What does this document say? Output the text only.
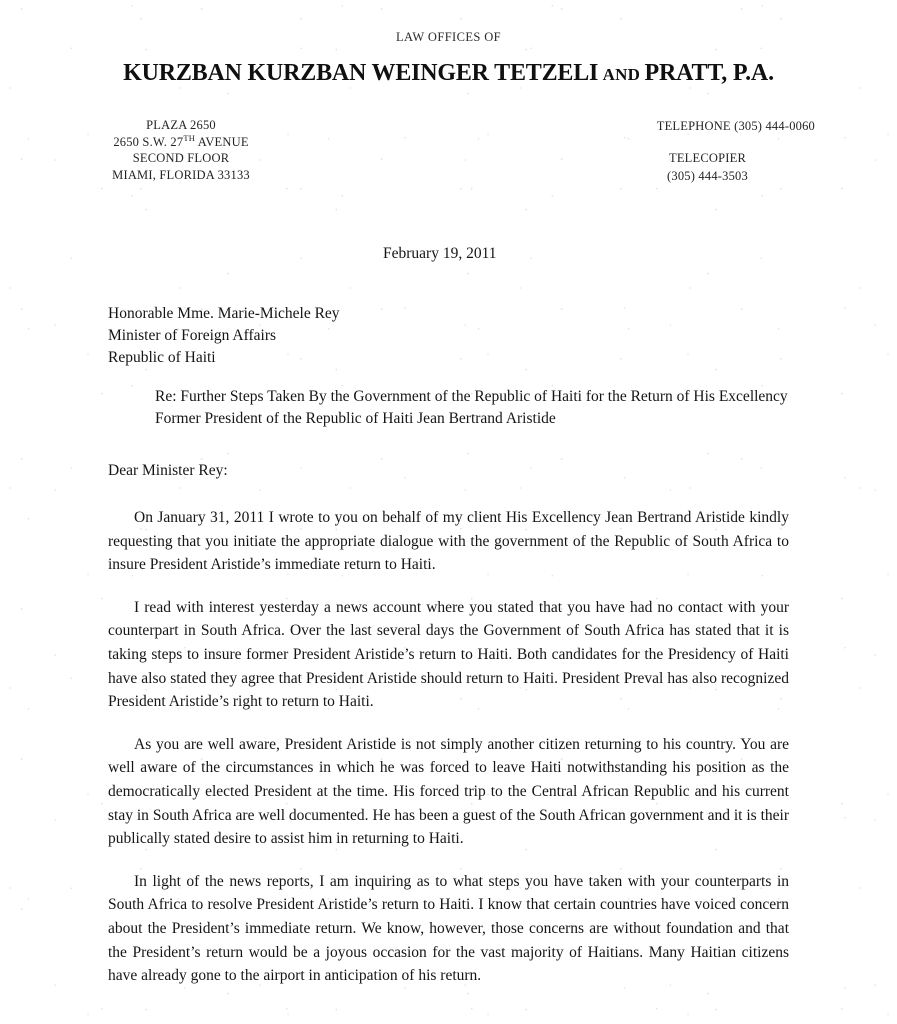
LAW OFFICES OF
KURZBAN KURZBAN WEINGER TETZELI AND PRATT, P.A.
PLAZA 2650
2650 S.W. 27TH AVENUE
SECOND FLOOR
MIAMI, FLORIDA 33133
TELEPHONE (305) 444-0060
TELECOPIER
(305) 444-3503
February 19, 2011
Honorable Mme. Marie-Michele Rey
Minister of Foreign Affairs
Republic of Haiti
Re: Further Steps Taken By the Government of the Republic of Haiti for the Return of His Excellency Former President of the Republic of Haiti Jean Bertrand Aristide
Dear Minister Rey:

On January 31, 2011 I wrote to you on behalf of my client His Excellency Jean Bertrand Aristide kindly requesting that you initiate the appropriate dialogue with the government of the Republic of South Africa to insure President Aristide’s immediate return to Haiti.

I read with interest yesterday a news account where you stated that you have had no contact with your counterpart in South Africa. Over the last several days the Government of South Africa has stated that it is taking steps to insure former President Aristide’s return to Haiti. Both candidates for the Presidency of Haiti have also stated they agree that President Aristide should return to Haiti. President Preval has also recognized President Aristide’s right to return to Haiti.

As you are well aware, President Aristide is not simply another citizen returning to his country. You are well aware of the circumstances in which he was forced to leave Haiti notwithstanding his position as the democratically elected President at the time. His forced trip to the Central African Republic and his current stay in South Africa are well documented. He has been a guest of the South African government and it is their publically stated desire to assist him in returning to Haiti.

In light of the news reports, I am inquiring as to what steps you have taken with your counterparts in South Africa to resolve President Aristide’s return to Haiti. I know that certain countries have voiced concern about the President’s immediate return. We know, however, those concerns are without foundation and that the President’s return would be a joyous occasion for the vast majority of Haitians. Many Haitian citizens have already gone to the airport in anticipation of his return.
